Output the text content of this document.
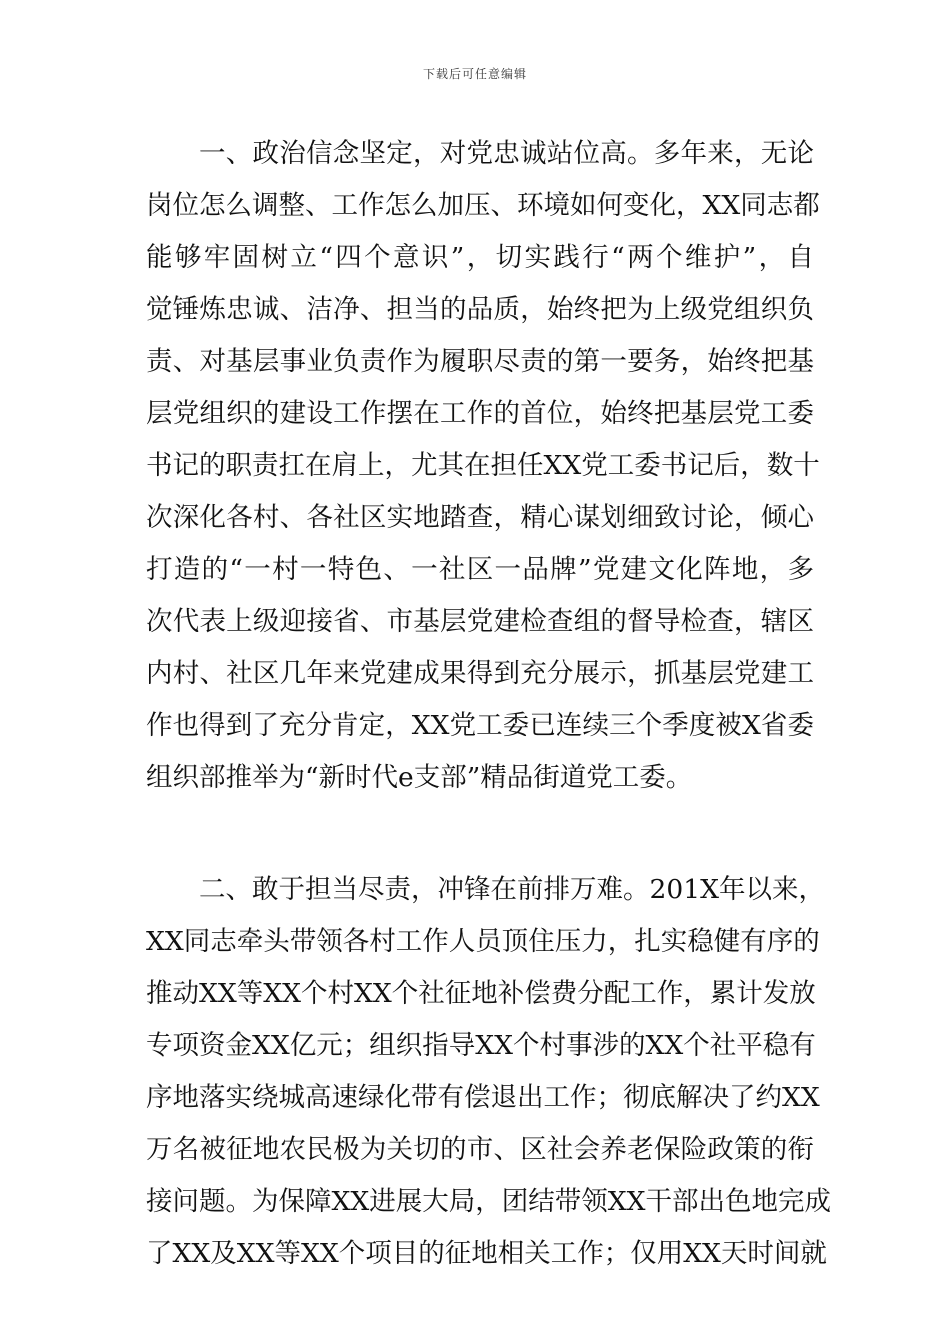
下载后可任意编辑
一、政治信念坚定，对党忠诚站位高。多年来，无论
岗位怎么调整、工作怎么加压、环境如何变化，XX同志都
能够牢固树立“四个意识”，切实践行“两个维护”，自
觉锤炼忠诚、洁净、担当的品质，始终把为上级党组织负
责、对基层事业负责作为履职尽责的第一要务，始终把基
层党组织的建设工作摆在工作的首位，始终把基层党工委
书记的职责扛在肩上，尤其在担任XX党工委书记后，数十
次深化各村、各社区实地踏查，精心谋划细致讨论，倾心
打造的“一村一特色、一社区一品牌”党建文化阵地，多
次代表上级迎接省、市基层党建检查组的督导检查，辖区
内村、社区几年来党建成果得到充分展示，抓基层党建工
作也得到了充分肯定，XX党工委已连续三个季度被X省委
组织部推举为“新时代e支部”精品街道党工委。
二、敢于担当尽责，冲锋在前排万难。201X年以来，
XX同志牵头带领各村工作人员顶住压力，扎实稳健有序的
推动XX等XX个村XX个社征地补偿费分配工作，累计发放
专项资金XX亿元；组织指导XX个村事涉的XX个社平稳有
序地落实绕城高速绿化带有偿退出工作；彻底解决了约XX
万名被征地农民极为关切的市、区社会养老保险政策的衔
接问题。为保障XX进展大局，团结带领XX干部出色地完成
了XX及XX等XX个项目的征地相关工作；仅用XX天时间就
